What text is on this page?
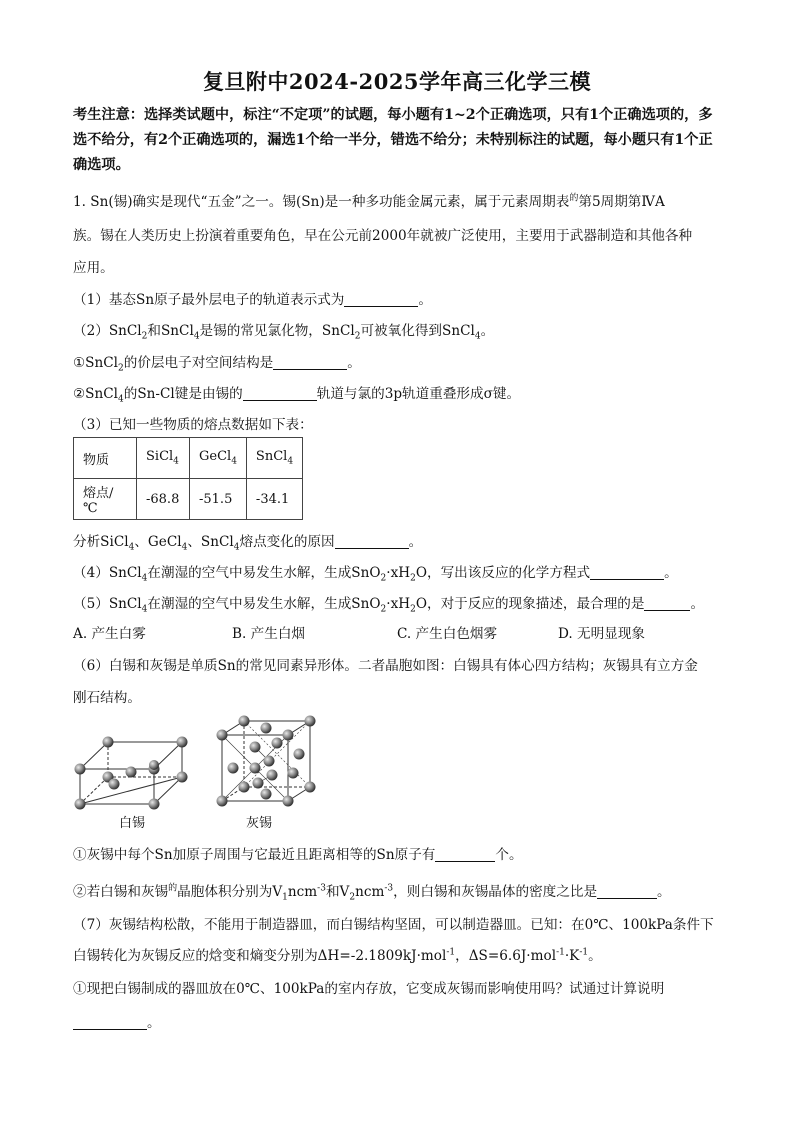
复旦附中2024-2025学年高三化学三模
考生注意：选择类试题中，标注“不定项”的试题，每小题有1~2个正确选项，只有1个正确选项的，多选不给分，有2个正确选项的，漏选1个给一半分，错选不给分；未特别标注的试题，每小题只有1个正确选项。
1. Sn(锡)确实是现代“五金”之一。锡(Sn)是一种多功能金属元素，属于元素周期表$^的$第5周期第ⅣA
族。锡在人类历史上扮演着重要角色，早在公元前2000年就被广泛使用，主要用于武器制造和其他各种
应用。
（1）基态Sn原子最外层电子的轨道表示式为	。
（2）SnCl$_2$和SnCl$_4$是锡的常见氯化物，SnCl$_2$可被氧化得到SnCl$_4$。
①SnCl$_2$的价层电子对空间结构是	。
②SnCl$_4$的Sn-Cl键是由锡的	轨道与氯的3p轨道重叠形成σ键。
（3）已知一些物质的熔点数据如下表：
物质	SiCl$_4$	GeCl$_4$	SnCl$_4$
熔点/℃	-68.8	-51.5	-34.1
分析SiCl$_4$、GeCl$_4$、SnCl$_4$熔点变化的原因	。
（4）SnCl$_4$在潮湿的空气中易发生水解，生成$SnO_2\cdot xH_2O$，写出该反应的化学方程式	。
（5）SnCl$_4$在潮湿的空气中易发生水解，生成$SnO_2\cdot xH_2O$，对于反应的现象描述，最合理的是	。
A. 产生白雾	B. 产生白烟	C. 产生白色烟雾	D. 无明显现象
（6）白锡和灰锡是单质Sn的常见同素异形体。二者晶胞如图：白锡具有体心四方结构；灰锡具有立方金
刚石结构。
白锡	灰锡
①灰锡中每个Sn加原子周围与它最近且距离相等的Sn原子有	个。
②若白锡和灰锡$^的$晶胞体积分别为$V_1ncm^{-3}$和$V_2ncm^{-3}$，则白锡和灰锡晶体的密度之比是	。
（7）灰锡结构松散，不能用于制造器皿，而白锡结构坚固，可以制造器皿。已知：在0℃、100kPa条件下
白锡转化为灰锡反应的焓变和熵变分别为ΔH=-2.1809kJ·mol$^{-1}$，$\Delta S=6.6J\cdot mol^{-1}\cdot K^{-1}$。
①现把白锡制成的器皿放在0℃、100kPa的室内存放，它变成灰锡而影响使用吗？试通过计算说明
。
